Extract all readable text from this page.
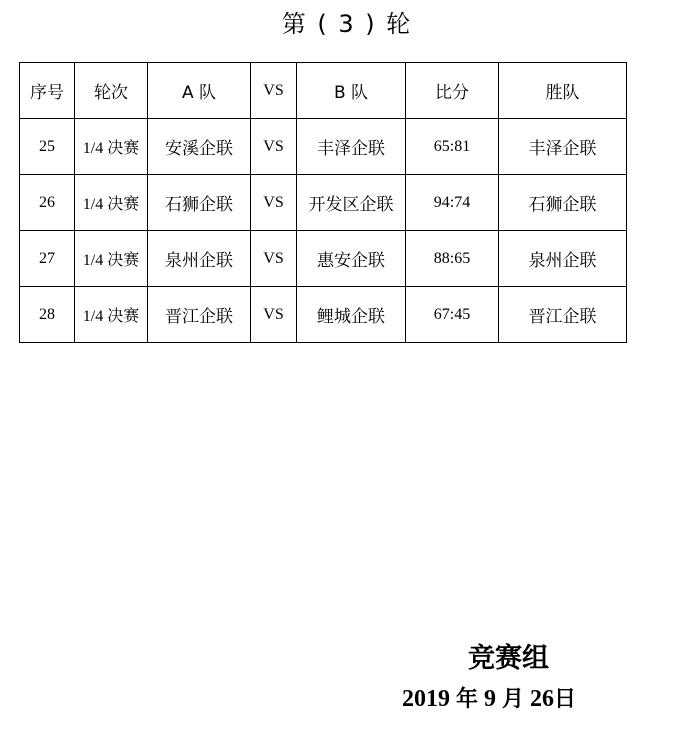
第 ( 3 ) 轮
序号	轮次	A 队	VS	B 队	比分	胜队
25	1/4 决赛	安溪企联	VS	丰泽企联	65:81	丰泽企联
26	1/4 决赛	石狮企联	VS	开发区企联	94:74	石狮企联
27	1/4 决赛	泉州企联	VS	惠安企联	88:65	泉州企联
28	1/4 决赛	晋江企联	VS	鲤城企联	67:45	晋江企联
竞赛组
2019 年 9 月 26日
